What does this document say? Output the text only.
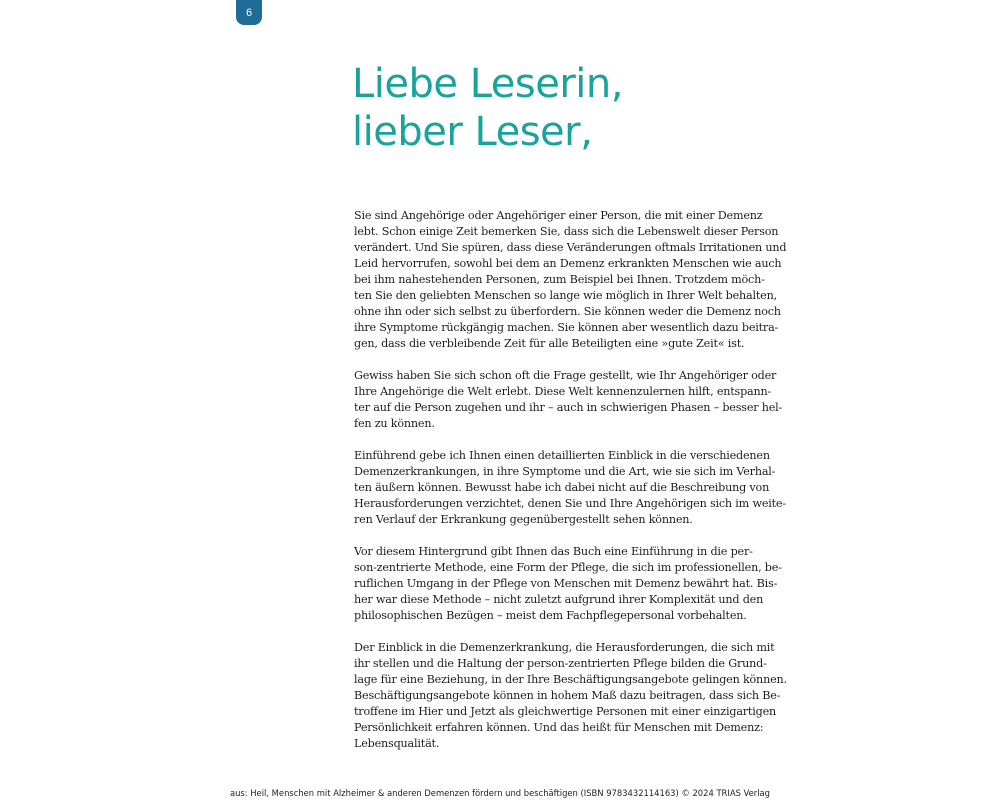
6
Liebe Leserin,
lieber Leser,

Sie sind Angehörige oder Angehöriger einer Person, die mit einer Demenz
lebt. Schon einige Zeit bemerken Sie, dass sich die Lebenswelt dieser Person
verändert. Und Sie spüren, dass diese Veränderungen oftmals Irritationen und
Leid hervorrufen, sowohl bei dem an Demenz erkrankten Menschen wie auch
bei ihm nahestehenden Personen, zum Beispiel bei Ihnen. Trotzdem möch-
ten Sie den geliebten Menschen so lange wie möglich in Ihrer Welt behalten,
ohne ihn oder sich selbst zu überfordern. Sie können weder die Demenz noch
ihre Symptome rückgängig machen. Sie können aber wesentlich dazu beitra-
gen, dass die verbleibende Zeit für alle Beteiligten eine »gute Zeit« ist.

Gewiss haben Sie sich schon oft die Frage gestellt, wie Ihr Angehöriger oder
Ihre Angehörige die Welt erlebt. Diese Welt kennenzulernen hilft, entspann-
ter auf die Person zugehen und ihr – auch in schwierigen Phasen – besser hel-
fen zu können.

Einführend gebe ich Ihnen einen detaillierten Einblick in die verschiedenen
Demenzerkrankungen, in ihre Symptome und die Art, wie sie sich im Verhal-
ten äußern können. Bewusst habe ich dabei nicht auf die Beschreibung von
Herausforderungen verzichtet, denen Sie und Ihre Angehörigen sich im weite-
ren Verlauf der Erkrankung gegenübergestellt sehen können.

Vor diesem Hintergrund gibt Ihnen das Buch eine Einführung in die per-
son-zentrierte Methode, eine Form der Pflege, die sich im professionellen, be-
ruflichen Umgang in der Pflege von Menschen mit Demenz bewährt hat. Bis-
her war diese Methode – nicht zuletzt aufgrund ihrer Komplexität und den
philosophischen Bezügen – meist dem Fachpflegepersonal vorbehalten.

Der Einblick in die Demenzerkrankung, die Herausforderungen, die sich mit
ihr stellen und die Haltung der person-zentrierten Pflege bilden die Grund-
lage für eine Beziehung, in der Ihre Beschäftigungsangebote gelingen können.
Beschäftigungsangebote können in hohem Maß dazu beitragen, dass sich Be-
troffene im Hier und Jetzt als gleichwertige Personen mit einer einzigartigen
Persönlichkeit erfahren können. Und das heißt für Menschen mit Demenz:
Lebensqualität.

aus: Heil, Menschen mit Alzheimer & anderen Demenzen fördern und beschäftigen (ISBN 9783432114163) © 2024 TRIAS Verlag
